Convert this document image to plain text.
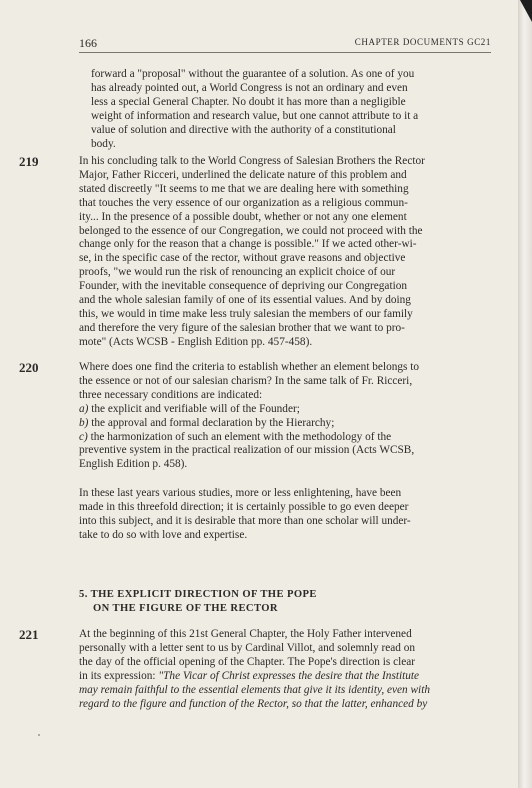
166	CHAPTER DOCUMENTS GC21
forward a "proposal" without the guarantee of a solution. As one of you
has already pointed out, a World Congress is not an ordinary and even
less a special General Chapter. No doubt it has more than a negligible
weight of information and research value, but one cannot attribute to it a
value of solution and directive with the authority of a constitutional
body.
219	In his concluding talk to the World Congress of Salesian Brothers the Rector
Major, Father Ricceri, underlined the delicate nature of this problem and
stated discreetly "It seems to me that we are dealing here with something
that touches the very essence of our organization as a religious commun-
ity... In the presence of a possible doubt, whether or not any one element
belonged to the essence of our Congregation, we could not proceed with the
change only for the reason that a change is possible." If we acted other-wi-
se, in the specific case of the rector, without grave reasons and objective
proofs, "we would run the risk of renouncing an explicit choice of our
Founder, with the inevitable consequence of depriving our Congregation
and the whole salesian family of one of its essential values. And by doing
this, we would in time make less truly salesian the members of our family
and therefore the very figure of the salesian brother that we want to pro-
mote" (Acts WCSB - English Edition pp. 457-458).
220	Where does one find the criteria to establish whether an element belongs to
the essence or not of our salesian charism? In the same talk of Fr. Ricceri,
three necessary conditions are indicated:
a) the explicit and verifiable will of the Founder;
b) the approval and formal declaration by the Hierarchy;
c) the harmonization of such an element with the methodology of the
preventive system in the practical realization of our mission (Acts WCSB,
English Edition p. 458).
In these last years various studies, more or less enlightening, have been
made in this threefold direction; it is certainly possible to go even deeper
into this subject, and it is desirable that more than one scholar will under-
take to do so with love and expertise.
5. THE EXPLICIT DIRECTION OF THE POPE
ON THE FIGURE OF THE RECTOR
221	At the beginning of this 21st General Chapter, the Holy Father intervened
personally with a letter sent to us by Cardinal Villot, and solemnly read on
the day of the official opening of the Chapter. The Pope's direction is clear
in its expression: "The Vicar of Christ expresses the desire that the Institute
may remain faithful to the essential elements that give it its identity, even with
regard to the figure and function of the Rector, so that the latter, enhanced by
